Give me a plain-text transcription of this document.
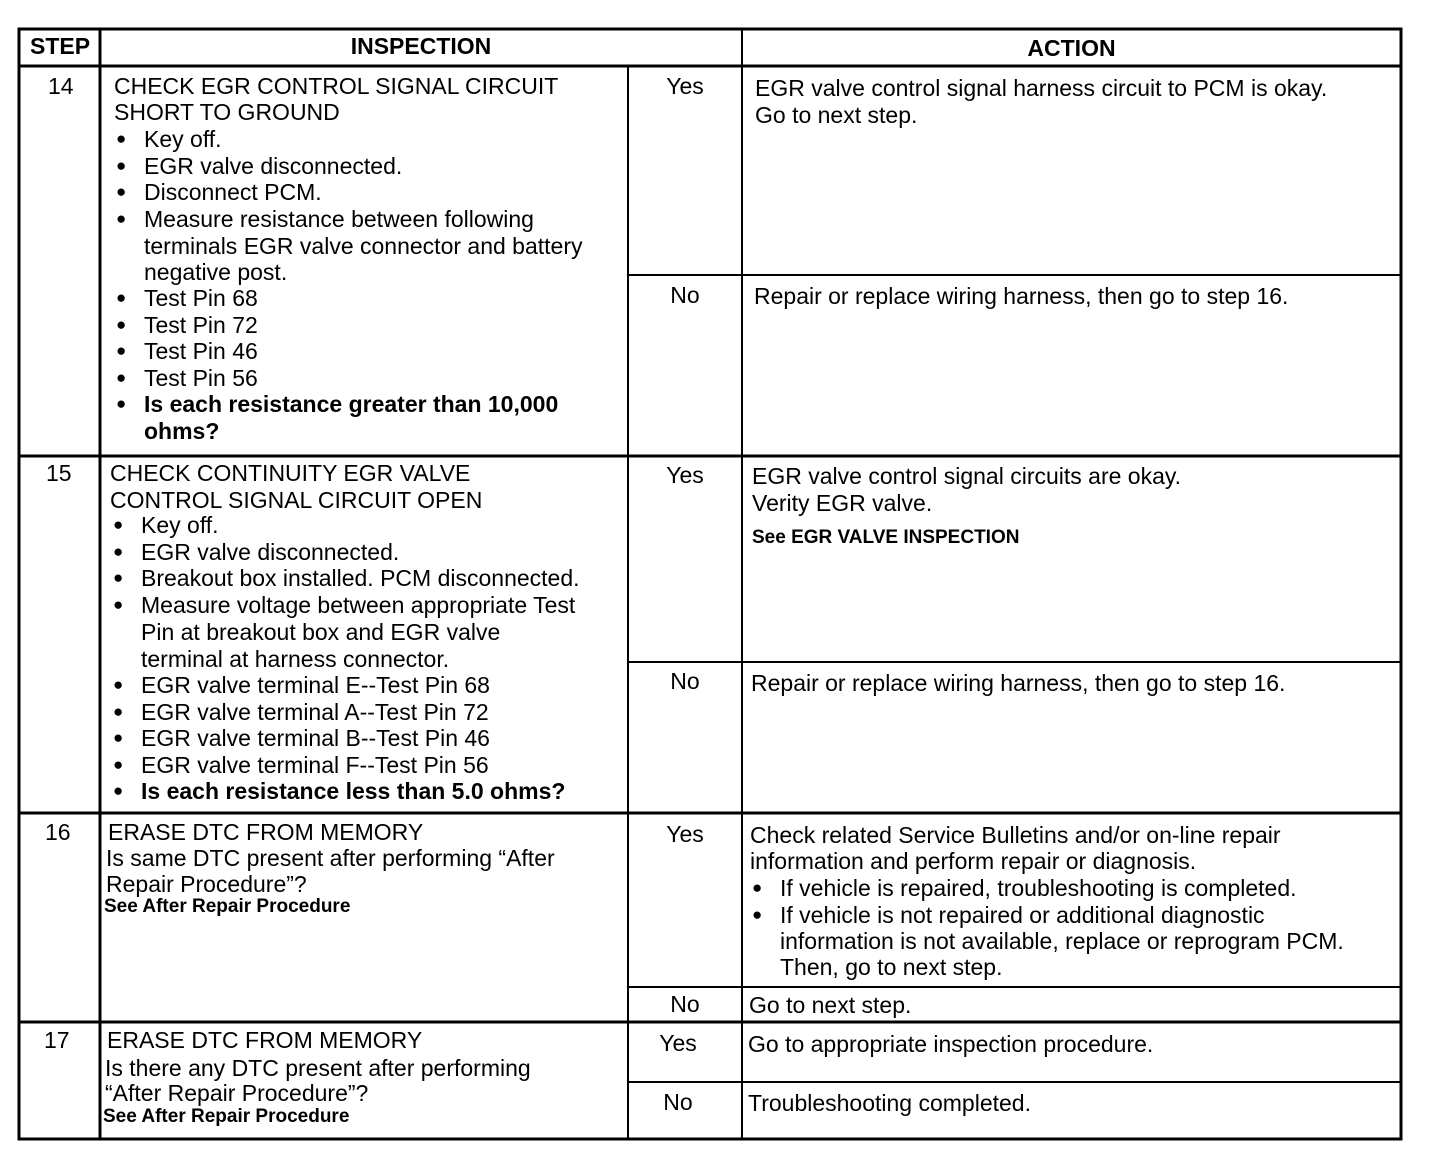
STEP	INSPECTION	ACTION
14 CHECK EGR CONTROL SIGNAL CIRCUIT
SHORT TO GROUND
● Key off.
● EGR valve disconnected.
● Disconnect PCM.
● Measure resistance between following
terminals EGR valve connector and battery
negative post.
● Test Pin 68
● Test Pin 72
● Test Pin 46
● Test Pin 56
● Is each resistance greater than 10,000
ohms?
Yes	EGR valve control signal harness circuit to PCM is okay.
Go to next step.
No	Repair or replace wiring harness, then go to step 16.
15 CHECK CONTINUITY EGR VALVE
CONTROL SIGNAL CIRCUIT OPEN
● Key off.
● EGR valve disconnected.
● Breakout box installed. PCM disconnected.
● Measure voltage between appropriate Test
Pin at breakout box and EGR valve
terminal at harness connector.
● EGR valve terminal E--Test Pin 68
● EGR valve terminal A--Test Pin 72
● EGR valve terminal B--Test Pin 46
● EGR valve terminal F--Test Pin 56
● Is each resistance less than 5.0 ohms?
Yes	EGR valve control signal circuits are okay.
Verity EGR valve.
See EGR VALVE INSPECTION
No	Repair or replace wiring harness, then go to step 16.
16 ERASE DTC FROM MEMORY
Is same DTC present after performing “After
Repair Procedure”?
See After Repair Procedure
Yes	Check related Service Bulletins and/or on-line repair
information and perform repair or diagnosis.
● If vehicle is repaired, troubleshooting is completed.
● If vehicle is not repaired or additional diagnostic
information is not available, replace or reprogram PCM.
Then, go to next step.
No	Go to next step.
17 ERASE DTC FROM MEMORY
Is there any DTC present after performing
“After Repair Procedure”?
See After Repair Procedure
Yes	Go to appropriate inspection procedure.
No	Troubleshooting completed.
